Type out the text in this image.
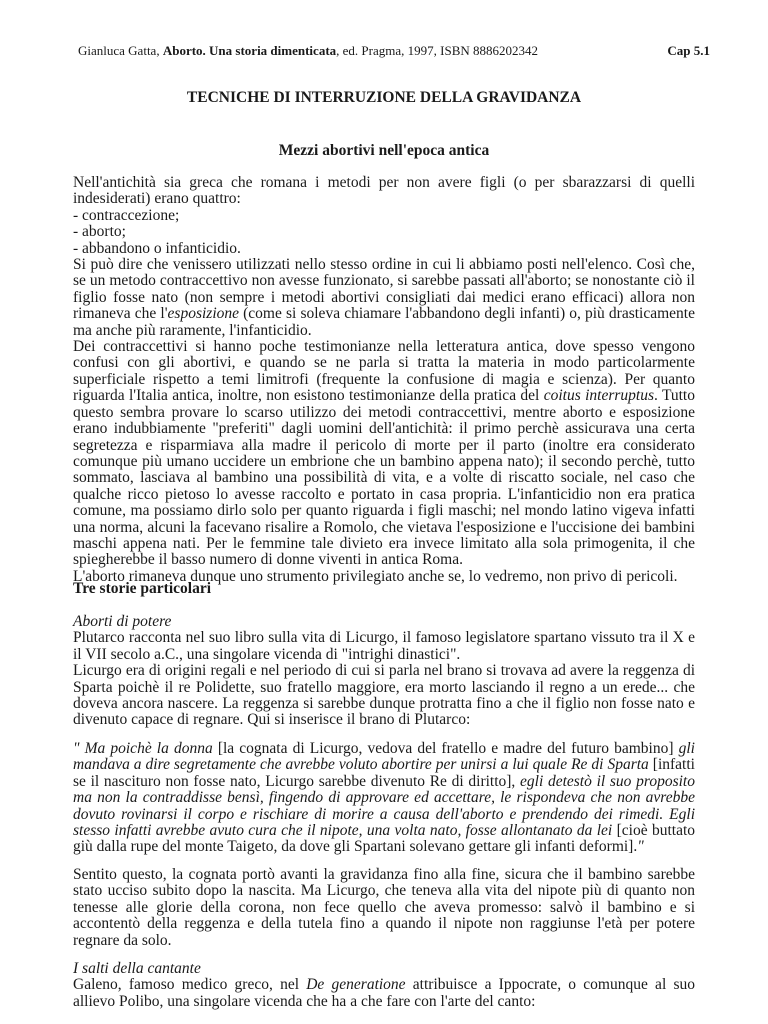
Gianluca Gatta, Aborto. Una storia dimenticata, ed. Pragma, 1997, ISBN 8886202342	Cap 5.1
TECNICHE DI INTERRUZIONE DELLA GRAVIDANZA
Mezzi abortivi nell'epoca antica

Nell'antichità sia greca che romana i metodi per non avere figli (o per sbarazzarsi di quelli indesiderati) erano quattro:

- contraccezione;

- aborto;

- abbandono o infanticidio.

Si può dire che venissero utilizzati nello stesso ordine in cui li abbiamo posti nell'elenco. Così che, se un metodo contraccettivo non avesse funzionato, si sarebbe passati all'aborto; se nonostante ciò il figlio fosse nato (non sempre i metodi abortivi consigliati dai medici erano efficaci) allora non rimaneva che l'esposizione (come si soleva chiamare l'abbandono degli infanti) o, più drasticamente ma anche più raramente, l'infanticidio.

Dei contraccettivi si hanno poche testimonianze nella letteratura antica, dove spesso vengono confusi con gli abortivi, e quando se ne parla si tratta la materia in modo particolarmente superficiale rispetto a temi limitrofi (frequente la confusione di magia e scienza). Per quanto riguarda l'Italia antica, inoltre, non esistono testimonianze della pratica del coitus interruptus. Tutto questo sembra provare lo scarso utilizzo dei metodi contraccettivi, mentre aborto e esposizione erano indubbiamente "preferiti" dagli uomini dell'antichità: il primo perchè assicurava una certa segretezza e risparmiava alla madre il pericolo di morte per il parto (inoltre era considerato comunque più umano uccidere un embrione che un bambino appena nato); il secondo perchè, tutto sommato, lasciava al bambino una possibilità di vita, e a volte di riscatto sociale, nel caso che qualche ricco pietoso lo avesse raccolto e portato in casa propria. L'infanticidio non era pratica comune, ma possiamo dirlo solo per quanto riguarda i figli maschi; nel mondo latino vigeva infatti una norma, alcuni la facevano risalire a Romolo, che vietava l'esposizione e l'uccisione dei bambini maschi appena nati. Per le femmine tale divieto era invece limitato alla sola primogenita, il che spiegherebbe il basso numero di donne viventi in antica Roma.

L'aborto rimaneva dunque uno strumento privilegiato anche se, lo vedremo, non privo di pericoli.

Tre storie particolari

Aborti di potere

Plutarco racconta nel suo libro sulla vita di Licurgo, il famoso legislatore spartano vissuto tra il X e il VII secolo a.C., una singolare vicenda di "intrighi dinastici".

Licurgo era di origini regali e nel periodo di cui si parla nel brano si trovava ad avere la reggenza di Sparta poichè il re Polidette, suo fratello maggiore, era morto lasciando il regno a un erede... che doveva ancora nascere. La reggenza si sarebbe dunque protratta fino a che il figlio non fosse nato e divenuto capace di regnare. Qui si inserisce il brano di Plutarco:

" Ma poichè la donna [la cognata di Licurgo, vedova del fratello e madre del futuro bambino] gli mandava a dire segretamente che avrebbe voluto abortire per unirsi a lui quale Re di Sparta [infatti se il nascituro non fosse nato, Licurgo sarebbe divenuto Re di diritto], egli detestò il suo proposito ma non la contraddisse bensì, fingendo di approvare ed accettare, le rispondeva che non avrebbe dovuto rovinarsi il corpo e rischiare di morire a causa dell'aborto e prendendo dei rimedi. Egli stesso infatti avrebbe avuto cura che il nipote, una volta nato, fosse allontanato da lei [cioè buttato giù dalla rupe del monte Taigeto, da dove gli Spartani solevano gettare gli infanti deformi]."

Sentito questo, la cognata portò avanti la gravidanza fino alla fine, sicura che il bambino sarebbe stato ucciso subito dopo la nascita. Ma Licurgo, che teneva alla vita del nipote più di quanto non tenesse alle glorie della corona, non fece quello che aveva promesso: salvò il bambino e si accontentò della reggenza e della tutela fino a quando il nipote non raggiunse l'età per potere regnare da solo.

I salti della cantante

Galeno, famoso medico greco, nel De generatione attribuisce a Ippocrate, o comunque al suo allievo Polibo, una singolare vicenda che ha a che fare con l'arte del canto:
